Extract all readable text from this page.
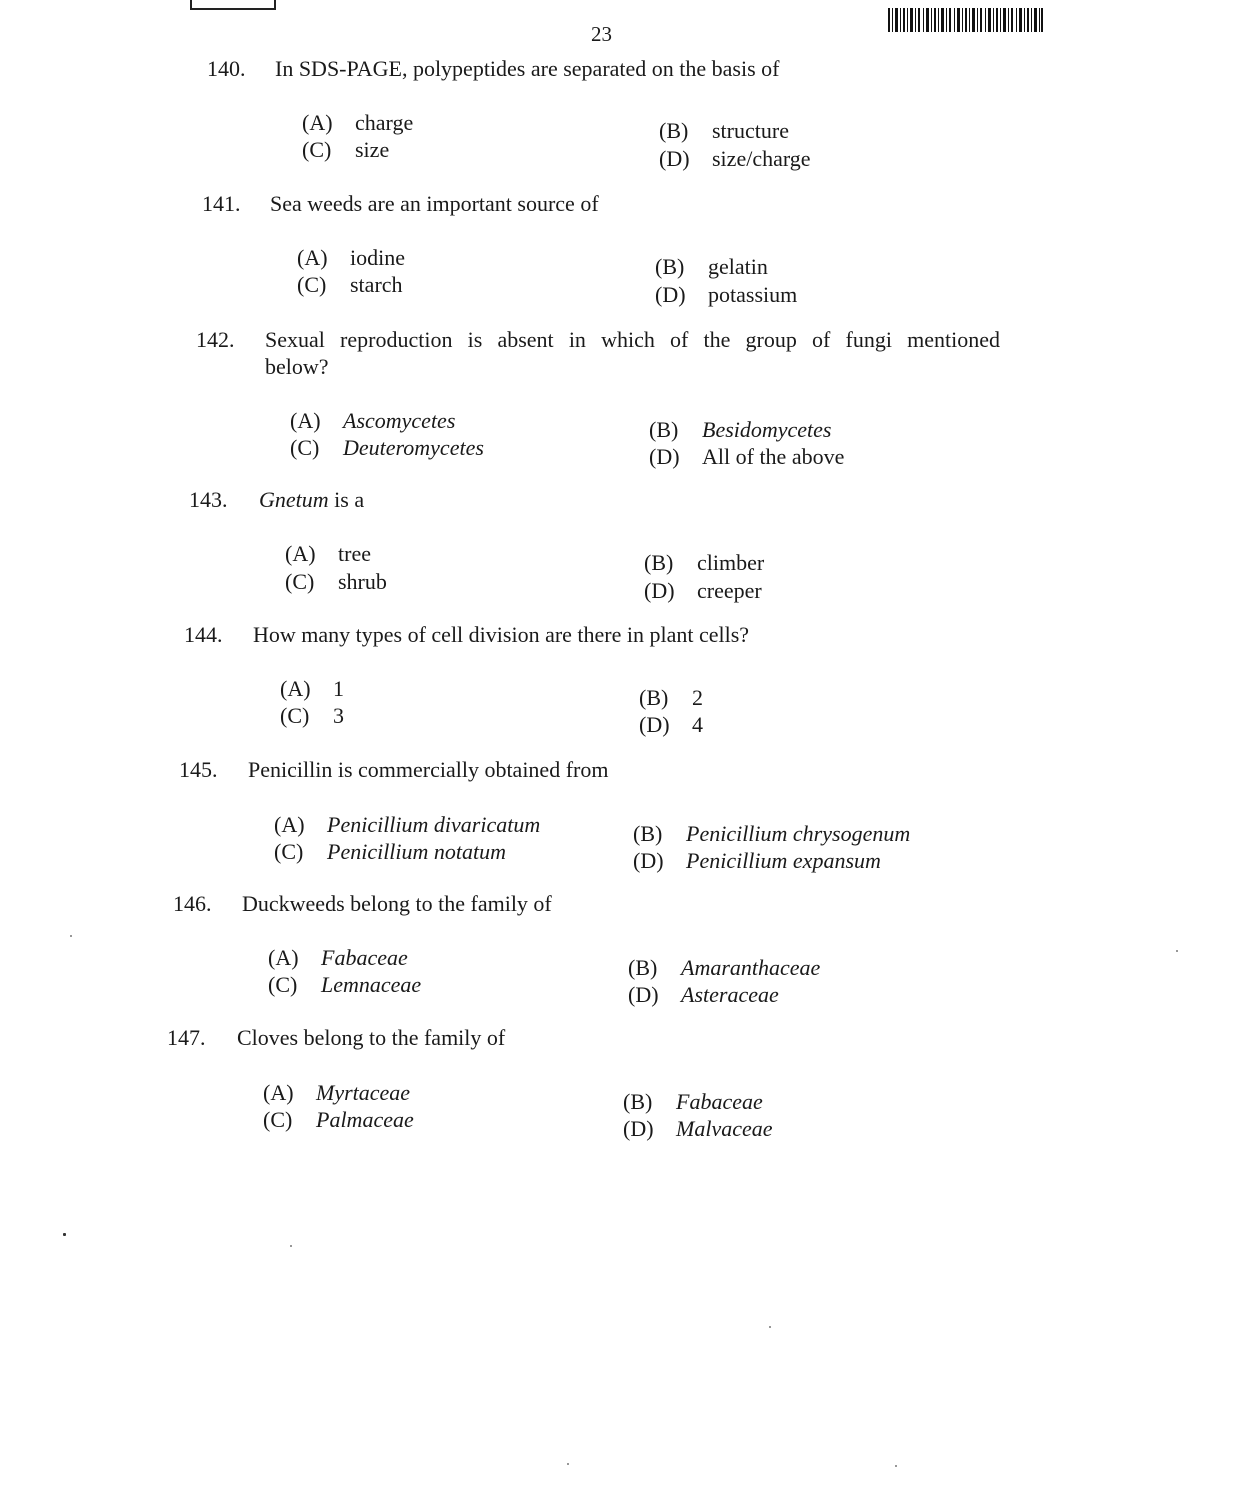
23
140. In SDS-PAGE, polypeptides are separated on the basis of
(A) charge	(B) structure
(C) size	(D) size/charge
141. Sea weeds are an important source of
(A) iodine	(B) gelatin
(C) starch	(D) potassium
142. Sexual reproduction is absent in which of the group of fungi mentioned below?
(A) Ascomycetes	(B) Besidomycetes
(C) Deuteromycetes	(D) All of the above
143. Gnetum is a
(A) tree	(B) climber
(C) shrub	(D) creeper
144. How many types of cell division are there in plant cells?
(A) 1	(B) 2
(C) 3	(D) 4
145. Penicillin is commercially obtained from
(A) Penicillium divaricatum	(B) Penicillium chrysogenum
(C) Penicillium notatum	(D) Penicillium expansum
146. Duckweeds belong to the family of
(A) Fabaceae	(B) Amaranthaceae
(C) Lemnaceae	(D) Asteraceae
147. Cloves belong to the family of
(A) Myrtaceae	(B) Fabaceae
(C) Palmaceae	(D) Malvaceae
